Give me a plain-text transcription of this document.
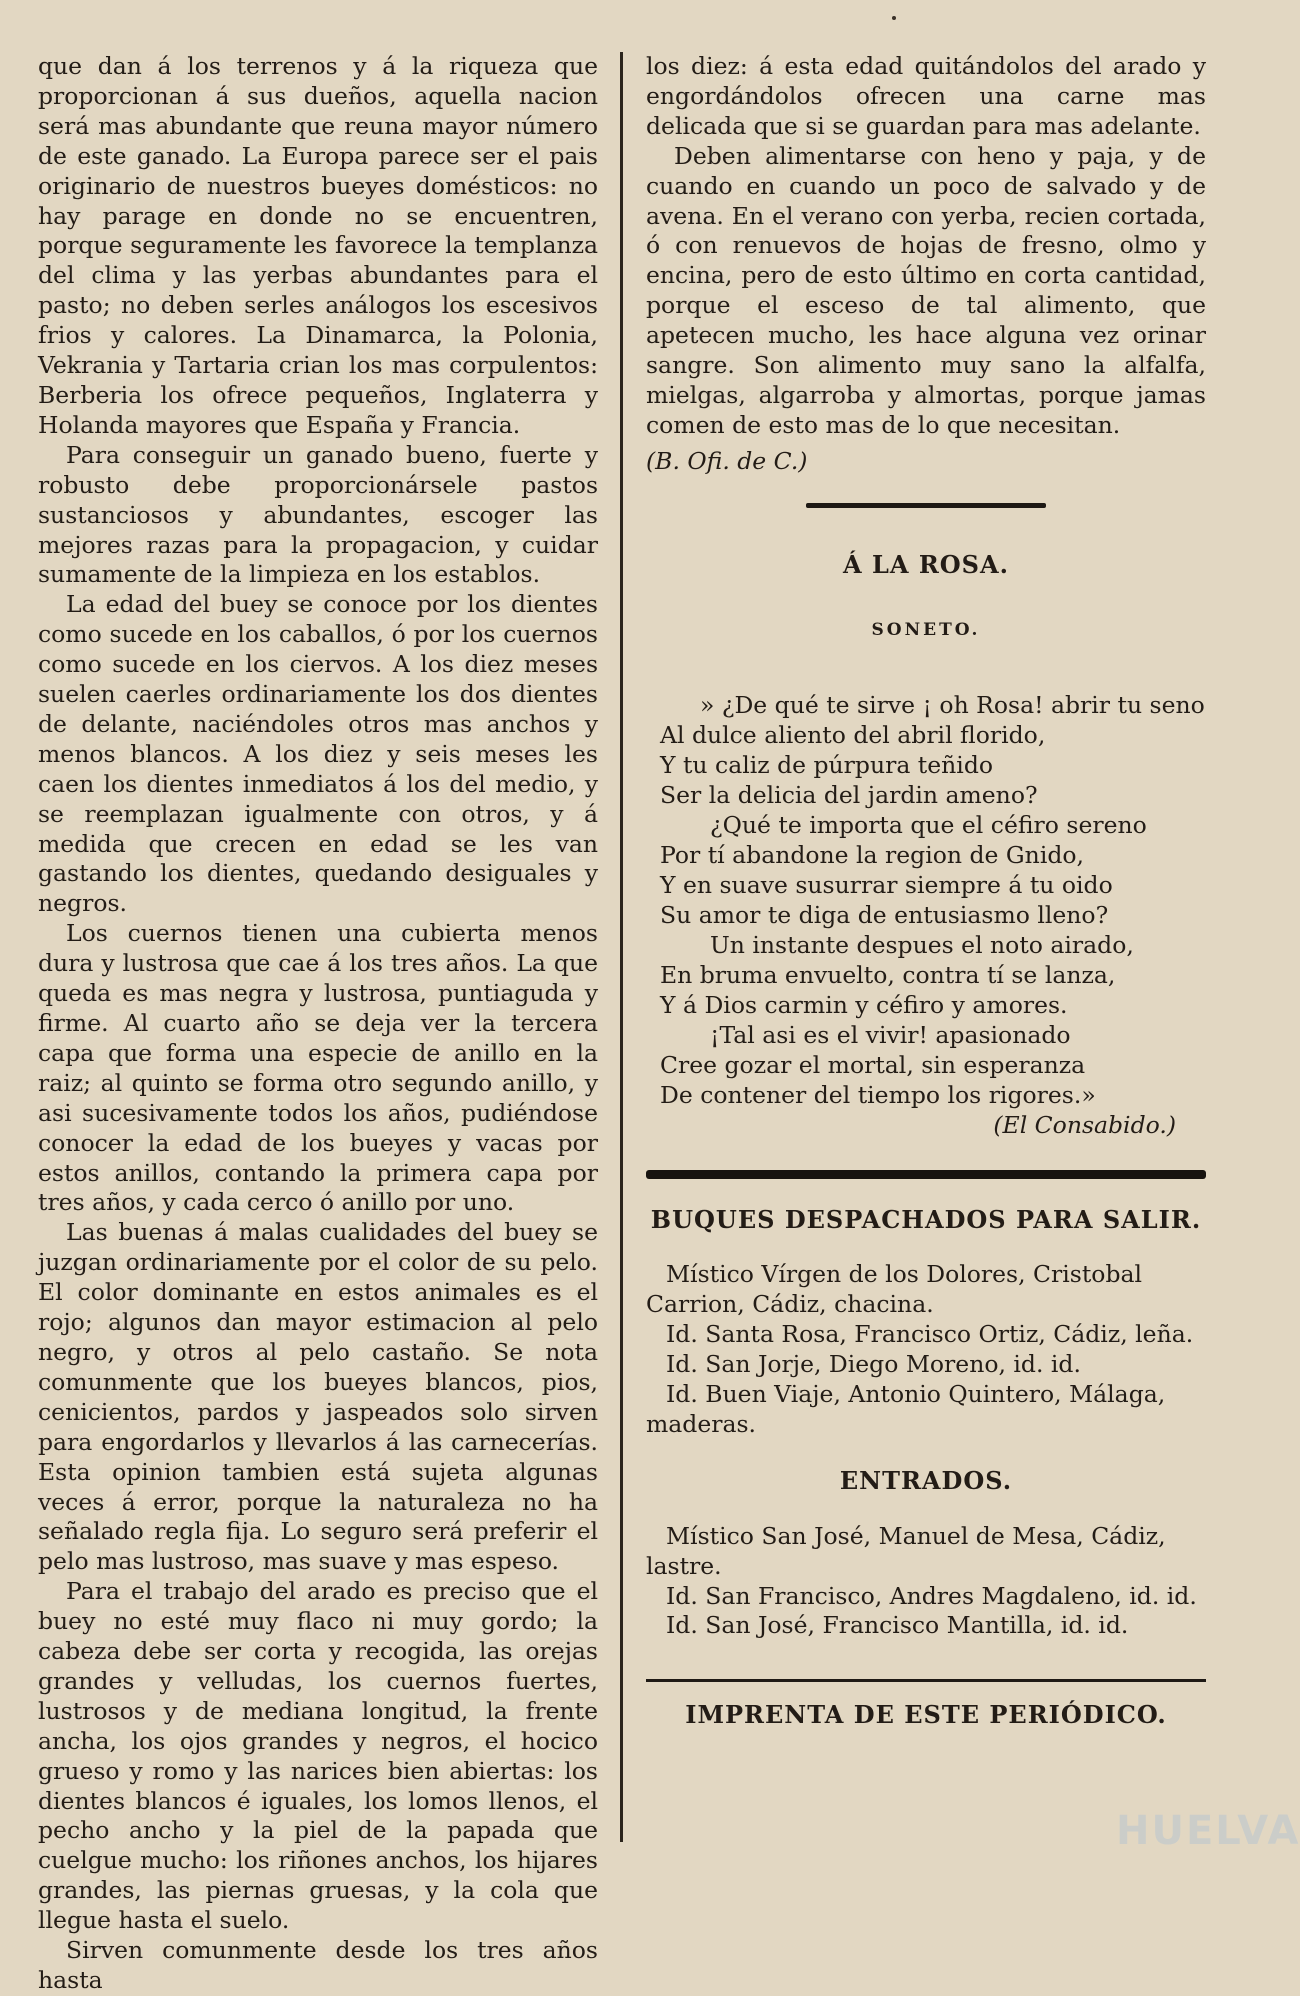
que dan á los terrenos y á la riqueza que proporcionan á sus dueños, aquella nacion será mas abundante que reuna mayor número de este ganado. La Europa parece ser el pais originario de nuestros bueyes domésticos: no hay parage en donde no se encuentren, porque seguramente les favorece la templanza del clima y las yerbas abundantes para el pasto; no deben serles análogos los escesivos frios y calores. La Dinamarca, la Polonia, Vekrania y Tartaria crian los mas corpulentos: Berberia los ofrece pequeños, Inglaterra y Holanda mayores que España y Francia.

Para conseguir un ganado bueno, fuerte y robusto debe proporcionársele pastos sustanciosos y abundantes, escoger las mejores razas para la propagacion, y cuidar sumamente de la limpieza en los establos.

La edad del buey se conoce por los dientes como sucede en los caballos, ó por los cuernos como sucede en los ciervos. A los diez meses suelen caerles ordinariamente los dos dientes de delante, naciéndoles otros mas anchos y menos blancos. A los diez y seis meses les caen los dientes inmediatos á los del medio, y se reemplazan igualmente con otros, y á medida que crecen en edad se les van gastando los dientes, quedando desiguales y negros.

Los cuernos tienen una cubierta menos dura y lustrosa que cae á los tres años. La que queda es mas negra y lustrosa, puntiaguda y firme. Al cuarto año se deja ver la tercera capa que forma una especie de anillo en la raiz; al quinto se forma otro segundo anillo, y asi sucesivamente todos los años, pudiéndose conocer la edad de los bueyes y vacas por estos anillos, contando la primera capa por tres años, y cada cerco ó anillo por uno.

Las buenas á malas cualidades del buey se juzgan ordinariamente por el color de su pelo. El color dominante en estos animales es el rojo; algunos dan mayor estimacion al pelo negro, y otros al pelo castaño. Se nota comunmente que los bueyes blancos, pios, cenicientos, pardos y jaspeados solo sirven para engordarlos y llevarlos á las carnecerías. Esta opinion tambien está sujeta algunas veces á error, porque la naturaleza no ha señalado regla fija. Lo seguro será preferir el pelo mas lustroso, mas suave y mas espeso.

Para el trabajo del arado es preciso que el buey no esté muy flaco ni muy gordo; la cabeza debe ser corta y recogida, las orejas grandes y velludas, los cuernos fuertes, lustrosos y de mediana longitud, la frente ancha, los ojos grandes y negros, el hocico grueso y romo y las narices bien abiertas: los dientes blancos é iguales, los lomos llenos, el pecho ancho y la piel de la papada que cuelgue mucho: los riñones anchos, los hijares grandes, las piernas gruesas, y la cola que llegue hasta el suelo.

Sirven comunmente desde los tres años hasta

los diez: á esta edad quitándolos del arado y engordándolos ofrecen una carne mas delicada que si se guardan para mas adelante.

Deben alimentarse con heno y paja, y de cuando en cuando un poco de salvado y de avena. En el verano con yerba, recien cortada, ó con renuevos de hojas de fresno, olmo y encina, pero de esto último en corta cantidad, porque el esceso de tal alimento, que apetecen mucho, les hace alguna vez orinar sangre. Son alimento muy sano la alfalfa, mielgas, algarroba y almortas, porque jamas comen de esto mas de lo que necesitan.

(B. Ofi. de C.)

Á LA ROSA.
SONETO.
» ¿De qué te sirve ¡ oh Rosa! abrir tu seno
Al dulce aliento del abril florido,
Y tu caliz de púrpura teñido
Ser la delicia del jardin ameno?
¿Qué te importa que el céfiro sereno
Por tí abandone la region de Gnido,
Y en suave susurrar siempre á tu oido
Su amor te diga de entusiasmo lleno?
Un instante despues el noto airado,
En bruma envuelto, contra tí se lanza,
Y á Dios carmin y céfiro y amores.
¡Tal asi es el vivir! apasionado
Cree gozar el mortal, sin esperanza
De contener del tiempo los rigores.»
(El Consabido.)
BUQUES DESPACHADOS PARA SALIR.

Místico Vírgen de los Dolores, Cristobal Carrion, Cádiz, chacina.

Id. Santa Rosa, Francisco Ortiz, Cádiz, leña.

Id. San Jorje, Diego Moreno, id. id.

Id. Buen Viaje, Antonio Quintero, Málaga, maderas.

ENTRADOS.

Místico San José, Manuel de Mesa, Cádiz, lastre.

Id. San Francisco, Andres Magdaleno, id. id.

Id. San José, Francisco Mantilla, id. id.

IMPRENTA DE ESTE PERIÓDICO.
HUELVA
